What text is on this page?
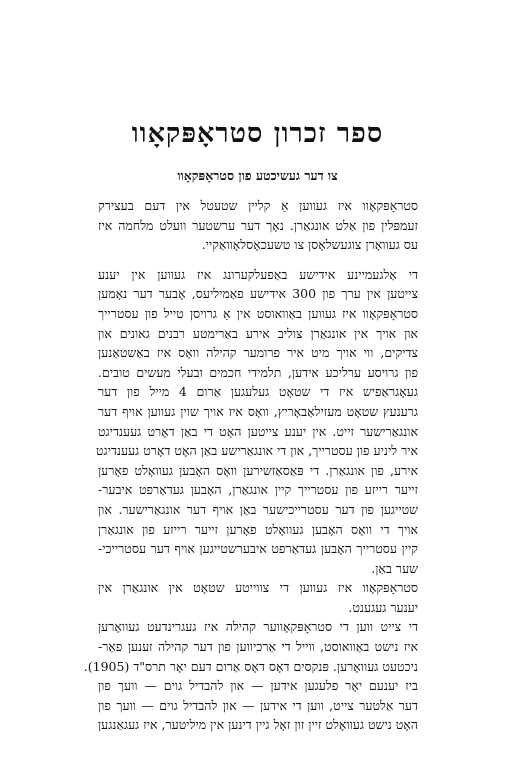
ספר זכרון סטראָפּקאָוו
צו דער געשיכטע פון סטראָפּקאָוו
סטראָפּקאָוו איז געווען אַ קליין שטעטל אין דעם בעצירק
זעמפּלין פון אַלט אונגאַרן. נאָך דער ערשטער וועלט מלחמה איז
עס געוואָרן צוגעשלאָסן צו טשעכאָסלאָוואַקיי.
די אַלגעמיינע אידישע באַפעלקערונג איז געווען אין יענע
צייטען אין ערך פון 300 אידישע פאַמיליעס, אָבער דער נאָמען
סטראָפּקאָוו איז געווען באַוואוסט אין אַ גרויסן טייל פון עסטרייך
און אויך אין אונגאַרן צוליב אירע באַרימטע רבנים גאונים און
צדיקים, ווי אויך מיט איר פרומער קהילה וואָס איז באַשטאַנען
פון גרויסע ערליכע אידען, תלמידי חכמים ובעלי מעשים טובים.
געאָגראַפיש איז די שטאָט געלעגען אַרום 4 מייל פון דער
גרענעץ שטאָט מעזילאַבאָריץ, וואָס איז אויך שוין געווען אויף דער
אונגאַרישער זייט. אין יענע צייטען האָט די באַן דאָרט געענדיגט
איר ליניע פון עסטרייך, און די אונגאַרישע באַן האָט דאָרט געענדיגט
אירע, פון אונגאַרן. די פּאַסאַזשירען וואָס האָבען געוואָלט פאָרען
זייער רייזע פון עסטרייך קיין אונגאַרן, האָבען געדאַרפט איבער-
שטייגען פון דער עסטרייכישער באַן אויף דער אונגאַרישער. און
אויך די וואָס האָבען געוואָלט פאָרען זייער רייזע פון אונגאַרן
קיין עסטרייך האָבען געדאַרפט איבערשטייגען אויף דער עסטרייכי-
שער באַן.
סטראָפּקאָוו איז געווען די צווייטע שטאָט אין אונגאַרן אין
יענער געגענט.
די צייט ווען די סטראָפּקאָווער קהילה איז געגרינדעט געוואָרען
איז נישט באַוואוסט, ווייל די אַרכיווען פון דער קהילה זענען פאַר-
ניכטעט געוואָרען. פּנקסים דאָס דאָס אַרום דעם יאָר תרס"ד (1905).
ביז יענעם יאָר פלעגען אידען — און להבדיל גוים — וועך פון
דער אַלטער צייט, ווען די אידען — און להבדיל גוים — וועך פון
האָט נישט געוואָלט זיין זון זאָל גיין דינען אין מיליטער, איז געגאַנגען
